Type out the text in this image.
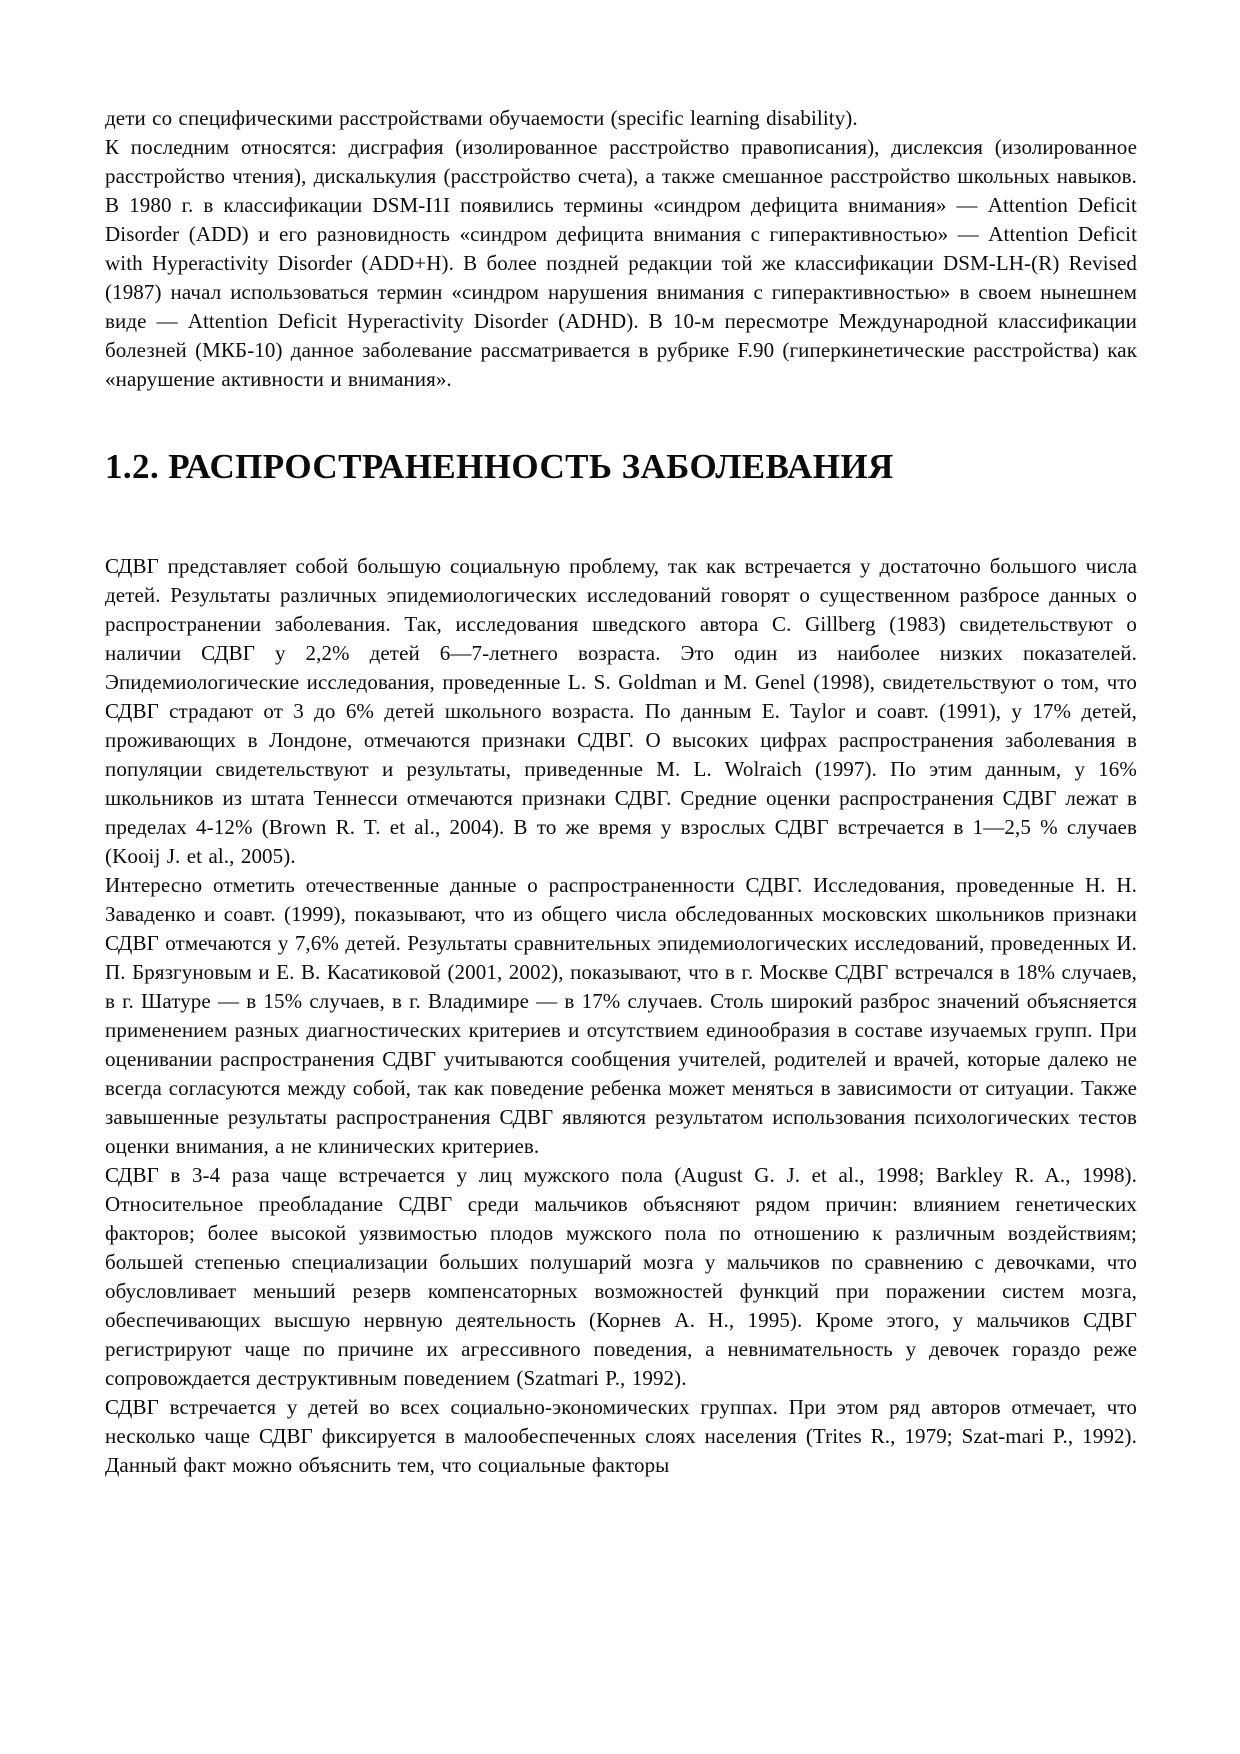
дети со специфическими расстройствами обучаемости (specific learning disability).

К последним относятся: дисграфия (изолированное расстройство правописания), дислексия (изолированное расстройство чтения), дискалькулия (расстройство счета), а также смешанное расстройство школьных навыков. В 1980 г. в классификации DSM-I1I появились термины «синдром дефицита внимания» — Attention Deficit Disorder (ADD) и его разновидность «синдром дефицита внимания с гиперактивностью» — Attention Deficit with Hyperactivity Disorder (ADD+H). В более поздней редакции той же классификации DSM-LH-(R) Revised (1987) начал использоваться термин «синдром нарушения внимания с гиперактивностью» в своем нынешнем виде — Attention Deficit Hyperactivity Disorder (ADHD). В 10-м пересмотре Международной классификации болезней (МКБ-10) данное заболевание рассматривается в рубрике F.90 (гиперкинетические расстройства) как «нарушение активности и внимания».

1.2. РАСПРОСТРАНЕННОСТЬ ЗАБОЛЕВАНИЯ

СДВГ представляет собой большую социальную проблему, так как встречается у достаточно большого числа детей. Результаты различных эпидемиологических исследований говорят о существенном разбросе данных о распространении заболевания. Так, исследования шведского автора C. Gillberg (1983) свидетельствуют о наличии СДВГ у 2,2% детей 6—7-летнего возраста. Это один из наиболее низких показателей. Эпидемиологические исследования, проведенные L. S. Goldman и M. Genel (1998), свидетельствуют о том, что СДВГ страдают от 3 до 6% детей школьного возраста. По данным E. Taylor и соавт. (1991), у 17% детей, проживающих в Лондоне, отмечаются признаки СДВГ. О высоких цифрах распространения заболевания в популяции свидетельствуют и результаты, приведенные M. L. Wolraich (1997). По этим данным, у 16% школьников из штата Теннесси отмечаются признаки СДВГ. Средние оценки распространения СДВГ лежат в пределах 4-12% (Brown R. T. et al., 2004). В то же время у взрослых СДВГ встречается в 1—2,5 % случаев (Kooij J. et al., 2005).

Интересно отметить отечественные данные о распространенности СДВГ. Исследования, проведенные Н. Н. Заваденко и соавт. (1999), показывают, что из общего числа обследованных московских школьников признаки СДВГ отмечаются у 7,6% детей. Результаты сравнительных эпидемиологических исследований, проведенных И. П. Брязгуновым и Е. В. Касатиковой (2001, 2002), показывают, что в г. Москве СДВГ встречался в 18% случаев, в г. Шатуре — в 15% случаев, в г. Владимире — в 17% случаев. Столь широкий разброс значений объясняется применением разных диагностических критериев и отсутствием единообразия в составе изучаемых групп. При оценивании распространения СДВГ учитываются сообщения учителей, родителей и врачей, которые далеко не всегда согласуются между собой, так как поведение ребенка может меняться в зависимости от ситуации. Также завышенные результаты распространения СДВГ являются результатом использования психологических тестов оценки внимания, а не клинических критериев.

СДВГ в 3-4 раза чаще встречается у лиц мужского пола (August G. J. et al., 1998; Barkley R. A., 1998). Относительное преобладание СДВГ среди мальчиков объясняют рядом причин: влиянием генетических факторов; более высокой уязвимостью плодов мужского пола по отношению к различным воздействиям; большей степенью специализации больших полушарий мозга у мальчиков по сравнению с девочками, что обусловливает меньший резерв компенсаторных возможностей функций при поражении систем мозга, обеспечивающих высшую нервную деятельность (Корнев А. Н., 1995). Кроме этого, у мальчиков СДВГ регистрируют чаще по причине их агрессивного поведения, а невнимательность у девочек гораздо реже сопровождается деструктивным поведением (Szatmari P., 1992).

СДВГ встречается у детей во всех социально-экономических группах. При этом ряд авторов отмечает, что несколько чаще СДВГ фиксируется в малообеспеченных слоях населения (Trites R., 1979; Szat-mari P., 1992). Данный факт можно объяснить тем, что социальные факторы
